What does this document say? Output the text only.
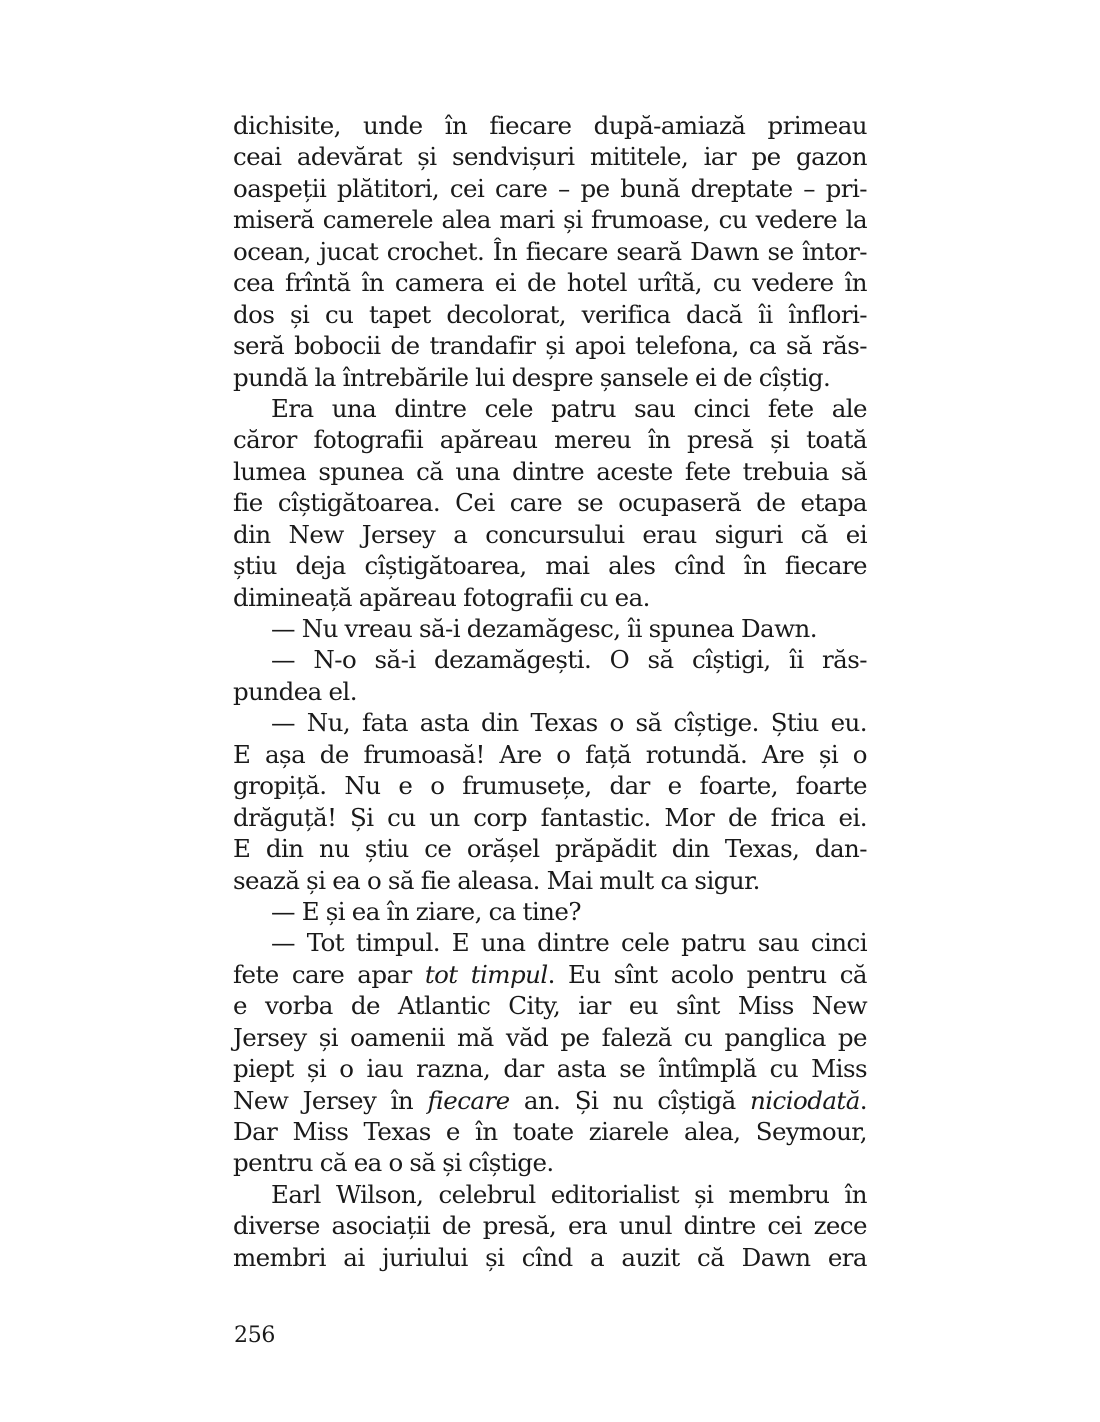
dichisite, unde în fiecare după-amiază primeau
ceai adevărat și sendvișuri mititele, iar pe gazon
oaspeții plătitori, cei care – pe bună dreptate – pri-
miseră camerele alea mari și frumoase, cu vedere la
ocean, jucat crochet. În fiecare seară Dawn se întor-
cea frîntă în camera ei de hotel urîtă, cu vedere în
dos și cu tapet decolorat, verifica dacă îi înflori-
seră bobocii de trandafir și apoi telefona, ca să răs-
pundă la întrebările lui despre șansele ei de cîștig.
Era una dintre cele patru sau cinci fete ale
căror fotografii apăreau mereu în presă și toată
lumea spunea că una dintre aceste fete trebuia să
fie cîștigătoarea. Cei care se ocupaseră de etapa
din New Jersey a concursului erau siguri că ei
știu deja cîștigătoarea, mai ales cînd în fiecare
dimineață apăreau fotografii cu ea.
— Nu vreau să-i dezamăgesc, îi spunea Dawn.
— N-o să-i dezamăgești. O să cîștigi, îi răs-
pundea el.
— Nu, fata asta din Texas o să cîștige. Știu eu.
E așa de frumoasă! Are o față rotundă. Are și o
gropiță. Nu e o frumusețe, dar e foarte, foarte
drăguță! Și cu un corp fantastic. Mor de frica ei.
E din nu știu ce orășel prăpădit din Texas, dan-
sează și ea o să fie aleasa. Mai mult ca sigur.
— E și ea în ziare, ca tine?
— Tot timpul. E una dintre cele patru sau cinci
fete care apar tot timpul. Eu sînt acolo pentru că
e vorba de Atlantic City, iar eu sînt Miss New
Jersey și oamenii mă văd pe faleză cu panglica pe
piept și o iau razna, dar asta se întîmplă cu Miss
New Jersey în fiecare an. Și nu cîștigă niciodată.
Dar Miss Texas e în toate ziarele alea, Seymour,
pentru că ea o să și cîștige.
Earl Wilson, celebrul editorialist și membru în
diverse asociații de presă, era unul dintre cei zece
membri ai juriului și cînd a auzit că Dawn era
256
